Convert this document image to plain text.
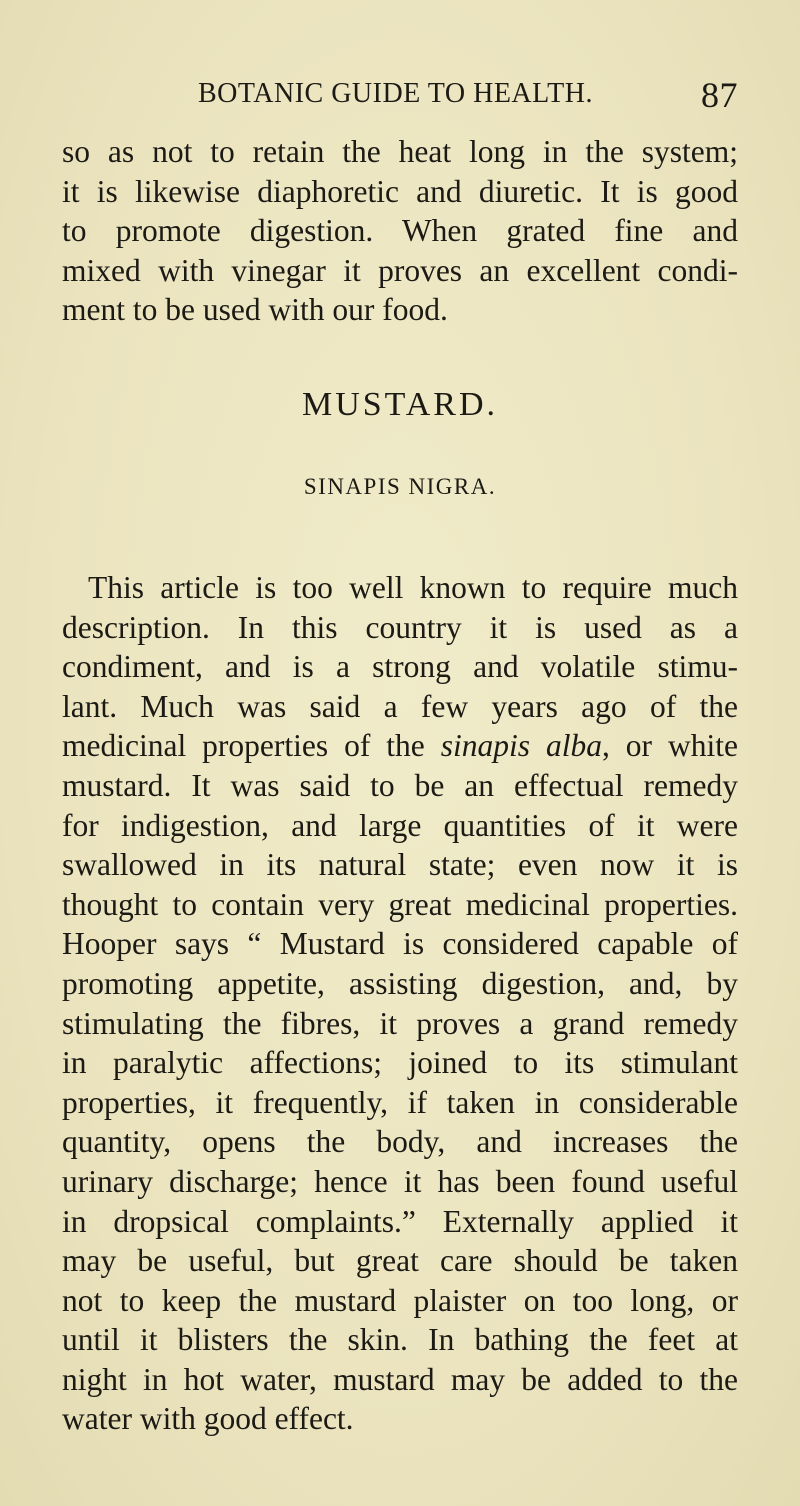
BOTANIC GUIDE TO HEALTH.	87
so as not to retain the heat long in the system;
it is likewise diaphoretic and diuretic. It is good
to promote digestion. When grated fine and
mixed with vinegar it proves an excellent condi-
ment to be used with our food.
MUSTARD.
SINAPIS NIGRA.
This article is too well known to require much
description. In this country it is used as a
condiment, and is a strong and volatile stimu-
lant. Much was said a few years ago of the
medicinal properties of the sinapis alba, or white
mustard. It was said to be an effectual remedy
for indigestion, and large quantities of it were
swallowed in its natural state; even now it is
thought to contain very great medicinal properties.
Hooper says “ Mustard is considered capable of
promoting appetite, assisting digestion, and, by
stimulating the fibres, it proves a grand remedy
in paralytic affections; joined to its stimulant
properties, it frequently, if taken in considerable
quantity, opens the body, and increases the
urinary discharge; hence it has been found useful
in dropsical complaints.” Externally applied it
may be useful, but great care should be taken
not to keep the mustard plaister on too long, or
until it blisters the skin. In bathing the feet at
night in hot water, mustard may be added to the
water with good effect.
